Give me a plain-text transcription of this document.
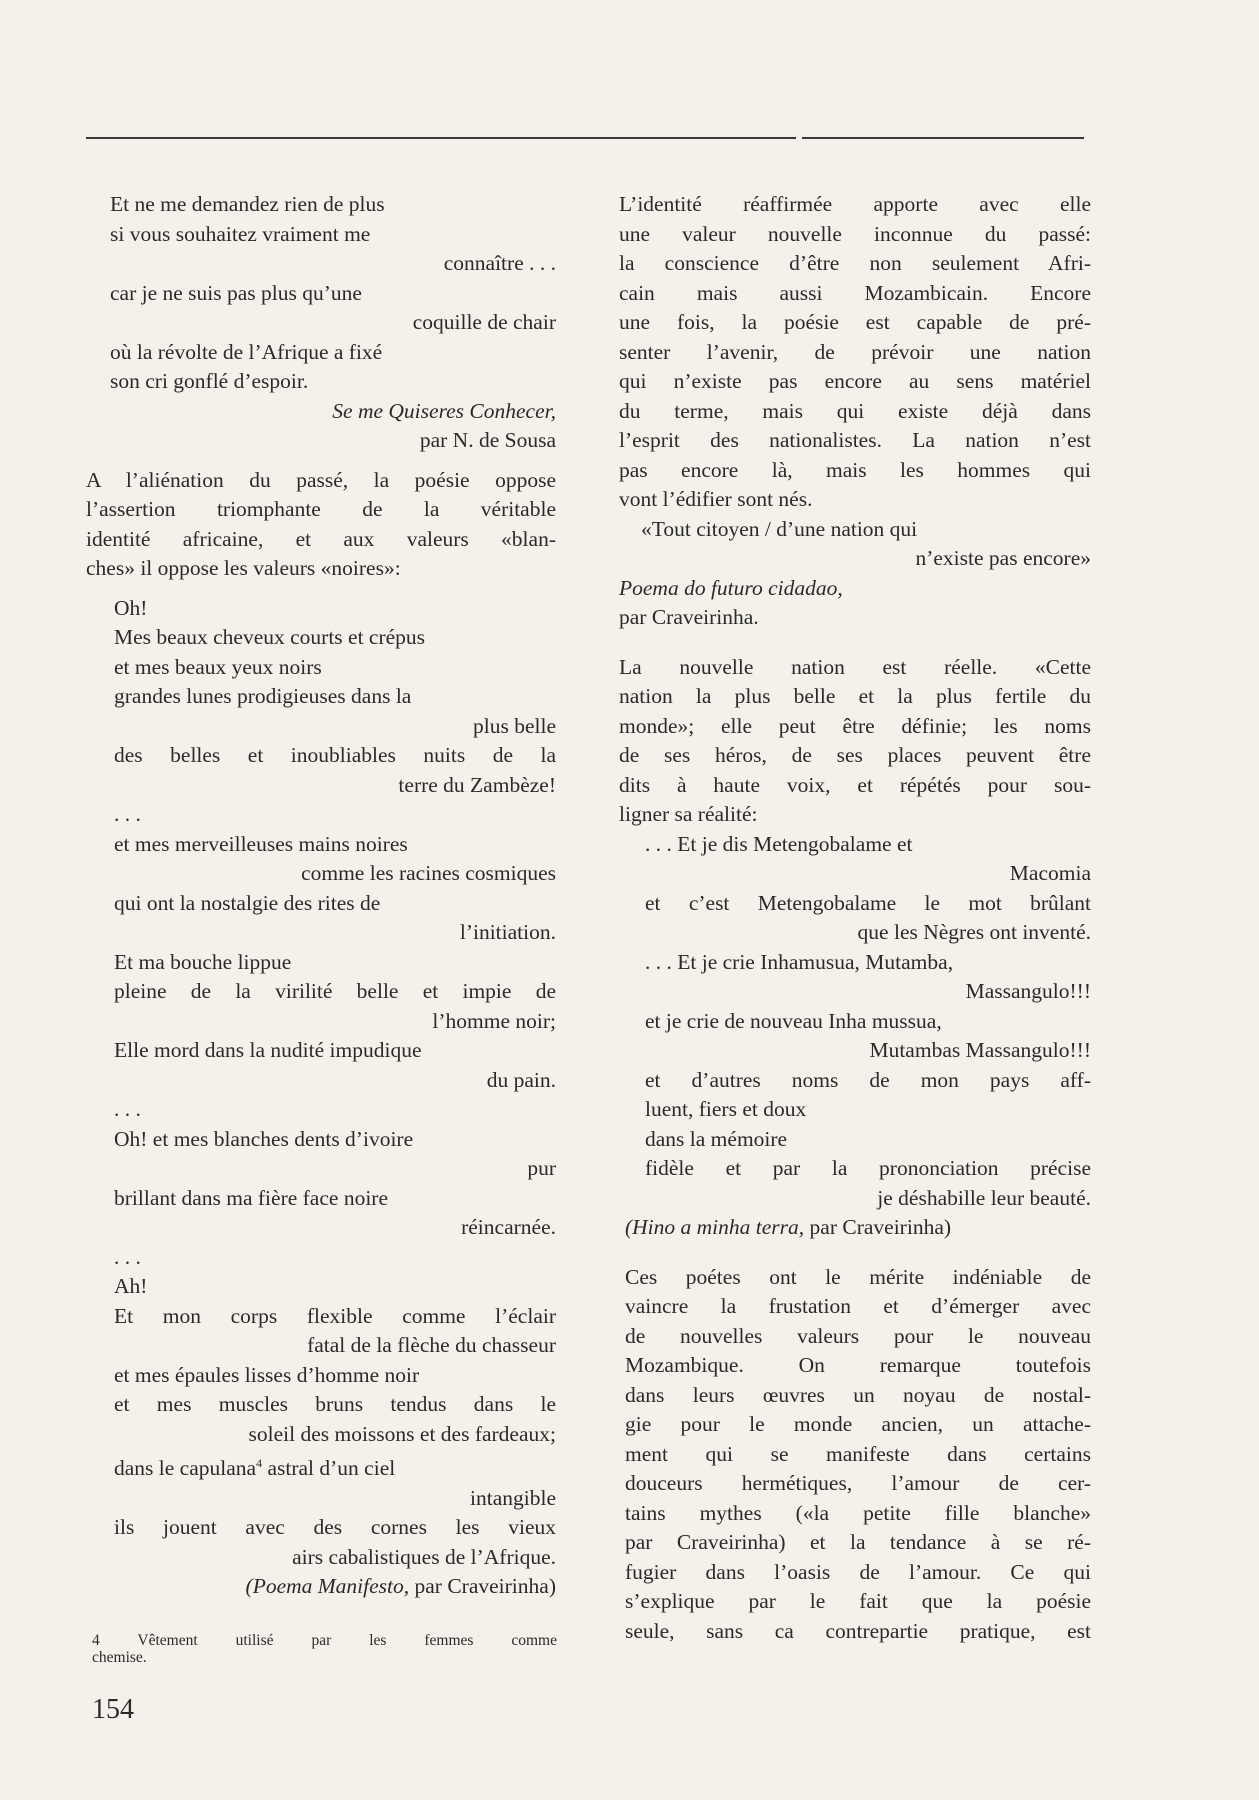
Et ne me demandez rien de plus
si vous souhaitez vraiment me
connaître . . .
car je ne suis pas plus qu’une
coquille de chair
où la révolte de l’Afrique a fixé
son cri gonflé d’espoir.
Se me Quiseres Conhecer,
par N. de Sousa
A l’aliénation du passé, la poésie oppose
l’assertion triomphante de la véritable
identité africaine, et aux valeurs «blan-
ches» il oppose les valeurs «noires»:
Oh!
Mes beaux cheveux courts et crépus
et mes beaux yeux noirs
grandes lunes prodigieuses dans la
plus belle
des belles et inoubliables nuits de la
terre du Zambèze!
. . .
et mes merveilleuses mains noires
comme les racines cosmiques
qui ont la nostalgie des rites de
l’initiation.
Et ma bouche lippue
pleine de la virilité belle et impie de
l’homme noir;
Elle mord dans la nudité impudique
du pain.
. . .
Oh! et mes blanches dents d’ivoire
pur
brillant dans ma fière face noire
réincarnée.
. . .
Ah!
Et mon corps flexible comme l’éclair
fatal de la flèche du chasseur
et mes épaules lisses d’homme noir
et mes muscles bruns tendus dans le
soleil des moissons et des fardeaux;
dans le capulana$^4$ astral d’un ciel
intangible
ils jouent avec des cornes les vieux
airs cabalistiques de l’Afrique.
(Poema Manifesto, par Craveirinha)
L’identité réaffirmée apporte avec elle
une valeur nouvelle inconnue du passé:
la conscience d’être non seulement Afri-
cain mais aussi Mozambicain. Encore
une fois, la poésie est capable de pré-
senter l’avenir, de prévoir une nation
qui n’existe pas encore au sens matériel
du terme, mais qui existe déjà dans
l’esprit des nationalistes. La nation n’est
pas encore là, mais les hommes qui
vont l’édifier sont nés.
«Tout citoyen / d’une nation qui
n’existe pas encore»
Poema do futuro cidadao,
par Craveirinha.
La nouvelle nation est réelle. «Cette
nation la plus belle et la plus fertile du
monde»; elle peut être définie; les noms
de ses héros, de ses places peuvent être
dits à haute voix, et répétés pour sou-
ligner sa réalité:
. . . Et je dis Metengobalame et
Macomia
et c’est Metengobalame le mot brûlant
que les Nègres ont inventé.
. . . Et je crie Inhamusua, Mutamba,
Massangulo!!!
et je crie de nouveau Inha mussua,
Mutambas Massangulo!!!
et d’autres noms de mon pays aff-
luent, fiers et doux
dans la mémoire
fidèle et par la prononciation précise
je déshabille leur beauté.
(Hino a minha terra, par Craveirinha)
Ces poétes ont le mérite indéniable de
vaincre la frustation et d’émerger avec
de nouvelles valeurs pour le nouveau
Mozambique. On remarque toutefois
dans leurs œuvres un noyau de nostal-
gie pour le monde ancien, un attache-
ment qui se manifeste dans certains
douceurs hermétiques, l’amour de cer-
tains mythes («la petite fille blanche»
par Craveirinha) et la tendance à se ré-
fugier dans l’oasis de l’amour. Ce qui
s’explique par le fait que la poésie
seule, sans ca contrepartie pratique, est
4 Vêtement utilisé par les femmes comme
chemise.
154
